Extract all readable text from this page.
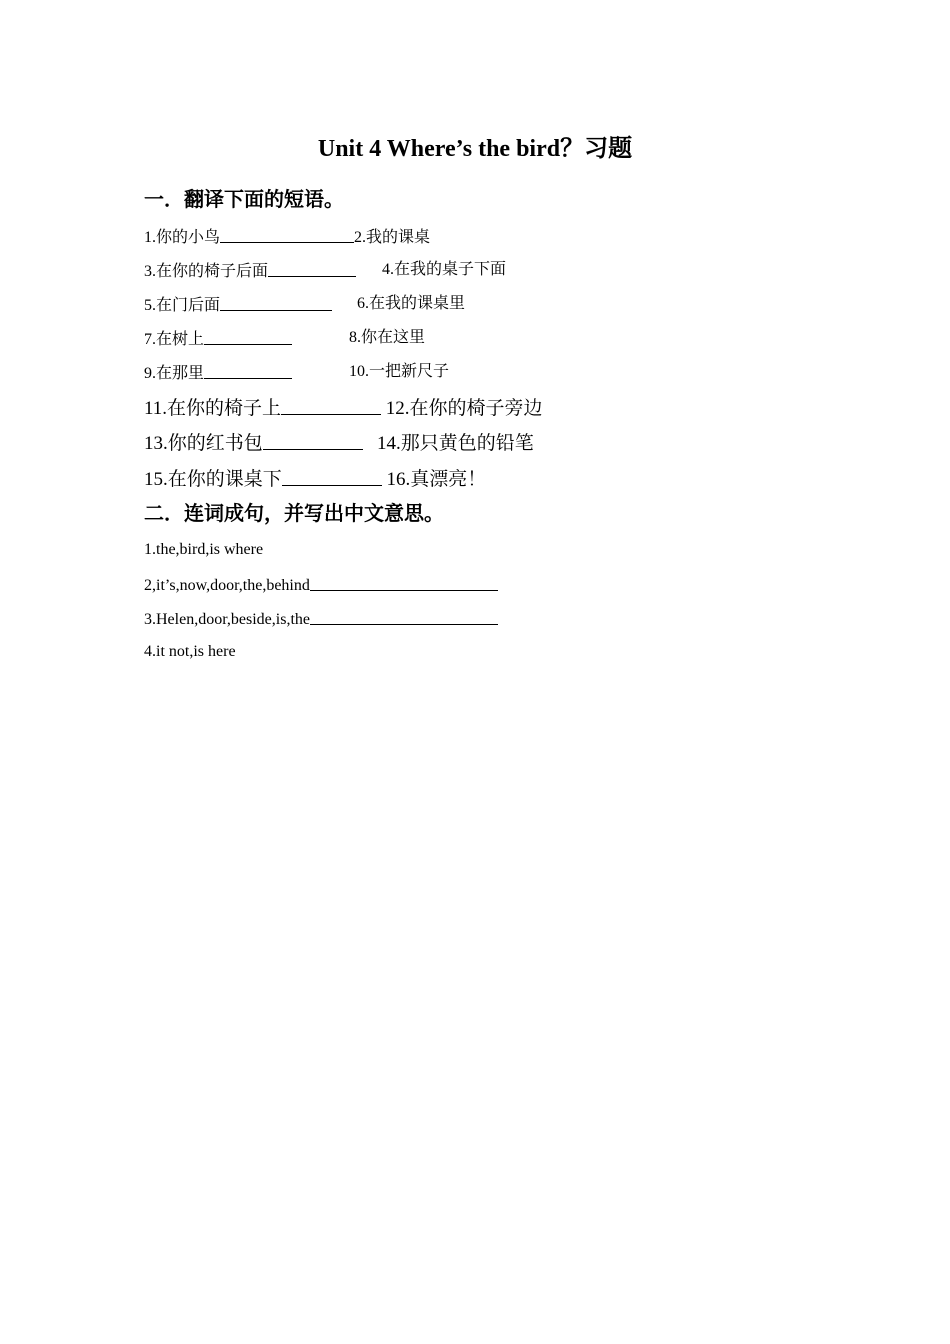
Unit 4 Where’s the bird？习题
一．翻译下面的短语。
1.你的小鸟	2.我的课桌
3.在你的椅子后面	4.在我的桌子下面
5.在门后面	6.在我的课桌里
7.在树上	8.你在这里
9.在那里	10.一把新尺子
11.在你的椅子上	12.在你的椅子旁边
13.你的红书包	14.那只黄色的铅笔
15.在你的课桌下	16.真漂亮！
二．连词成句，并写出中文意思。
1.the,bird,is where
2,it’s,now,door,the,behind
3.Helen,door,beside,is,the
4.it not,is here
